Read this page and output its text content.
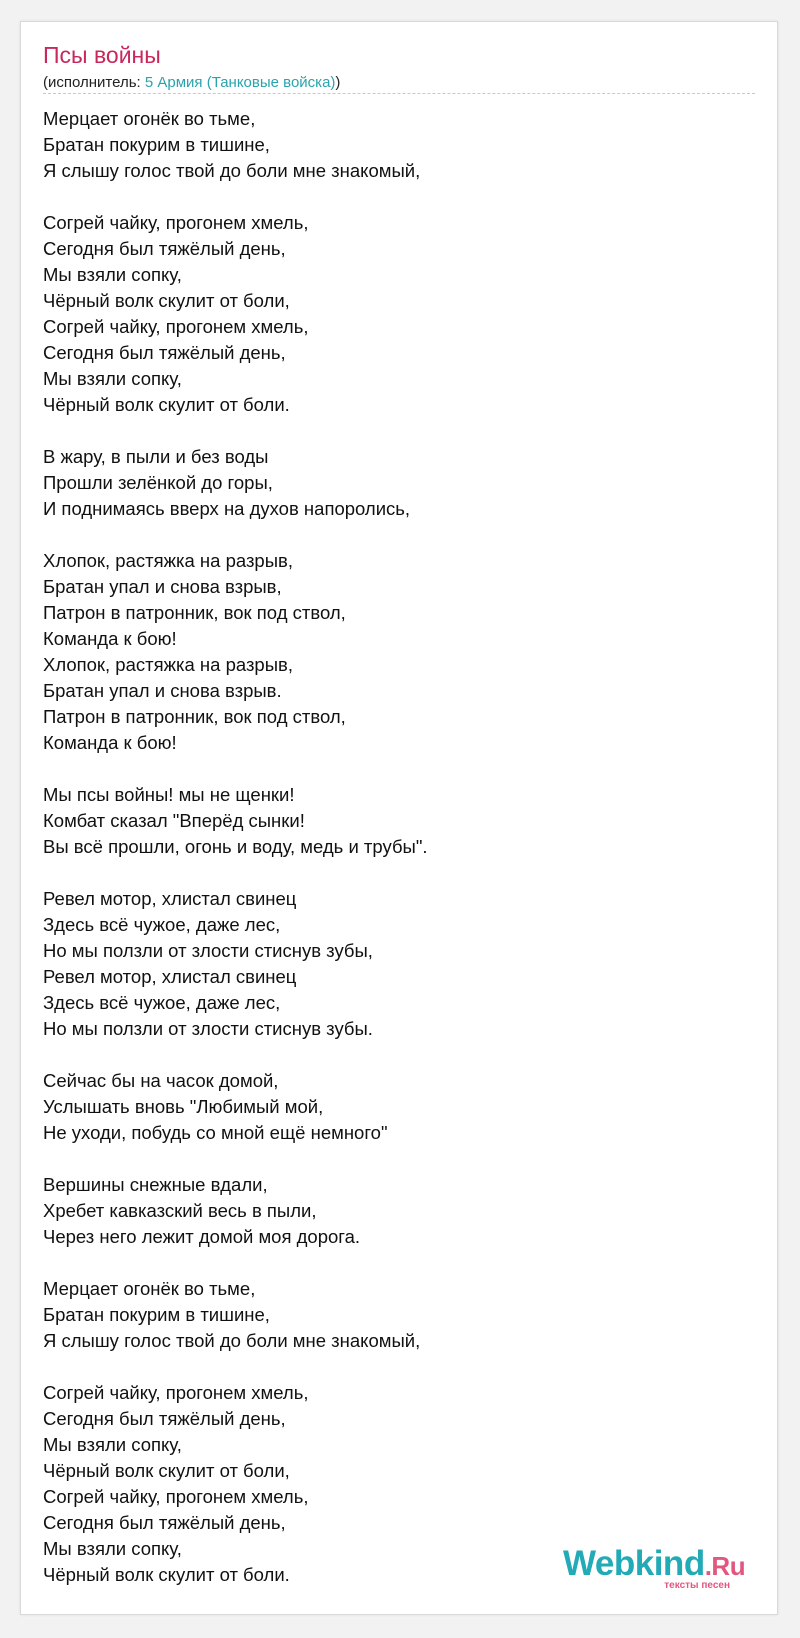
Псы войны
(исполнитель: 5 Армия (Танковые войска))
Мерцает огонёк во тьме,
Братан покурим в тишине,
Я слышу голос твой до боли мне знакомый,
Согрей чайку, прогонем хмель,
Сегодня был тяжёлый день,
Мы взяли сопку,
Чёрный волк скулит от боли,
Согрей чайку, прогонем хмель,
Сегодня был тяжёлый день,
Мы взяли сопку,
Чёрный волк скулит от боли.
В жару, в пыли и без воды
Прошли зелёнкой до горы,
И поднимаясь вверх на духов напоролись,
Хлопок, растяжка на разрыв,
Братан упал и снова взрыв,
Патрон в патронник, вок под ствол,
Команда к бою!
Хлопок, растяжка на разрыв,
Братан упал и снова взрыв.
Патрон в патронник, вок под ствол,
Команда к бою!
Мы псы войны! мы не щенки!
Комбат сказал "Вперёд сынки!
Вы всё прошли, огонь и воду, медь и трубы".
Ревел мотор, хлистал свинец
Здесь всё чужое, даже лес,
Но мы ползли от злости стиснув зубы,
Ревел мотор, хлистал свинец
Здесь всё чужое, даже лес,
Но мы ползли от злости стиснув зубы.
Сейчас бы на часок домой,
Услышать вновь "Любимый мой,
Не уходи, побудь со мной ещё немного"
Вершины снежные вдали,
Хребет кавказский весь в пыли,
Через него лежит домой моя дорога.
Мерцает огонёк во тьме,
Братан покурим в тишине,
Я слышу голос твой до боли мне знакомый,
Согрей чайку, прогонем хмель,
Сегодня был тяжёлый день,
Мы взяли сопку,
Чёрный волк скулит от боли,
Согрей чайку, прогонем хмель,
Сегодня был тяжёлый день,
Мы взяли сопку,
Чёрный волк скулит от боли.	Webkind.Ru
тексты песен
